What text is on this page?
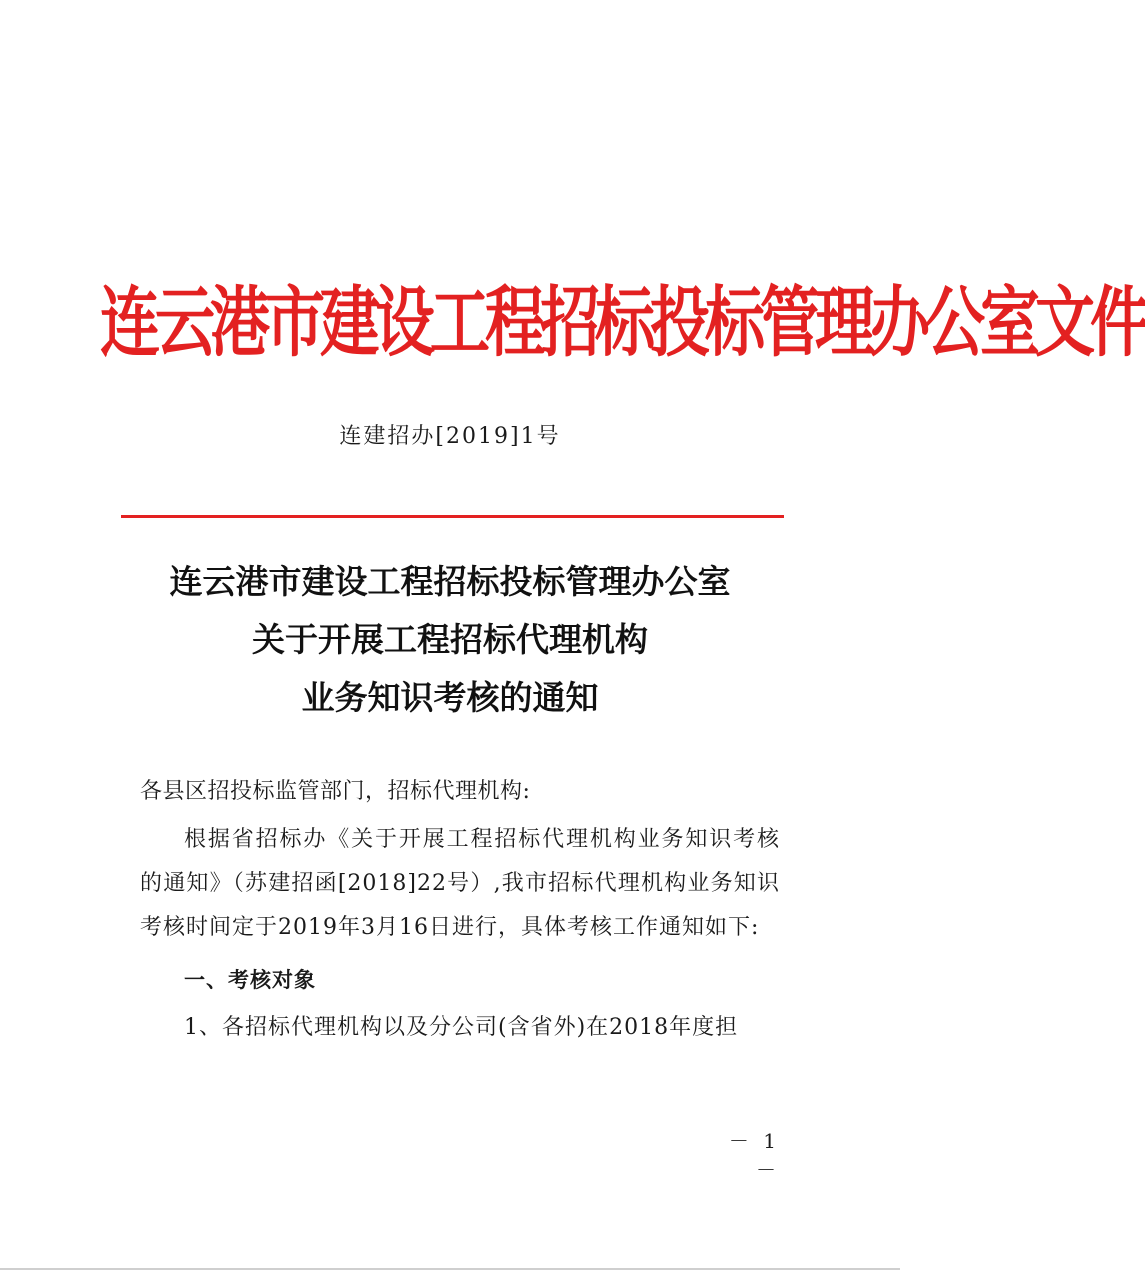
连云港市建设工程招标投标管理办公室文件
连建招办[2019]1号
连云港市建设工程招标投标管理办公室
关于开展工程招标代理机构
业务知识考核的通知
各县区招投标监管部门，招标代理机构:
根据省招标办《关于开展工程招标代理机构业务知识考核的通知》（苏建招函[2018]22号）,我市招标代理机构业务知识考核时间定于2019年3月16日进行，具体考核工作通知如下:
一、考核对象
1、各招标代理机构以及分公司(含省外)在2018年度担
－ 1 －
